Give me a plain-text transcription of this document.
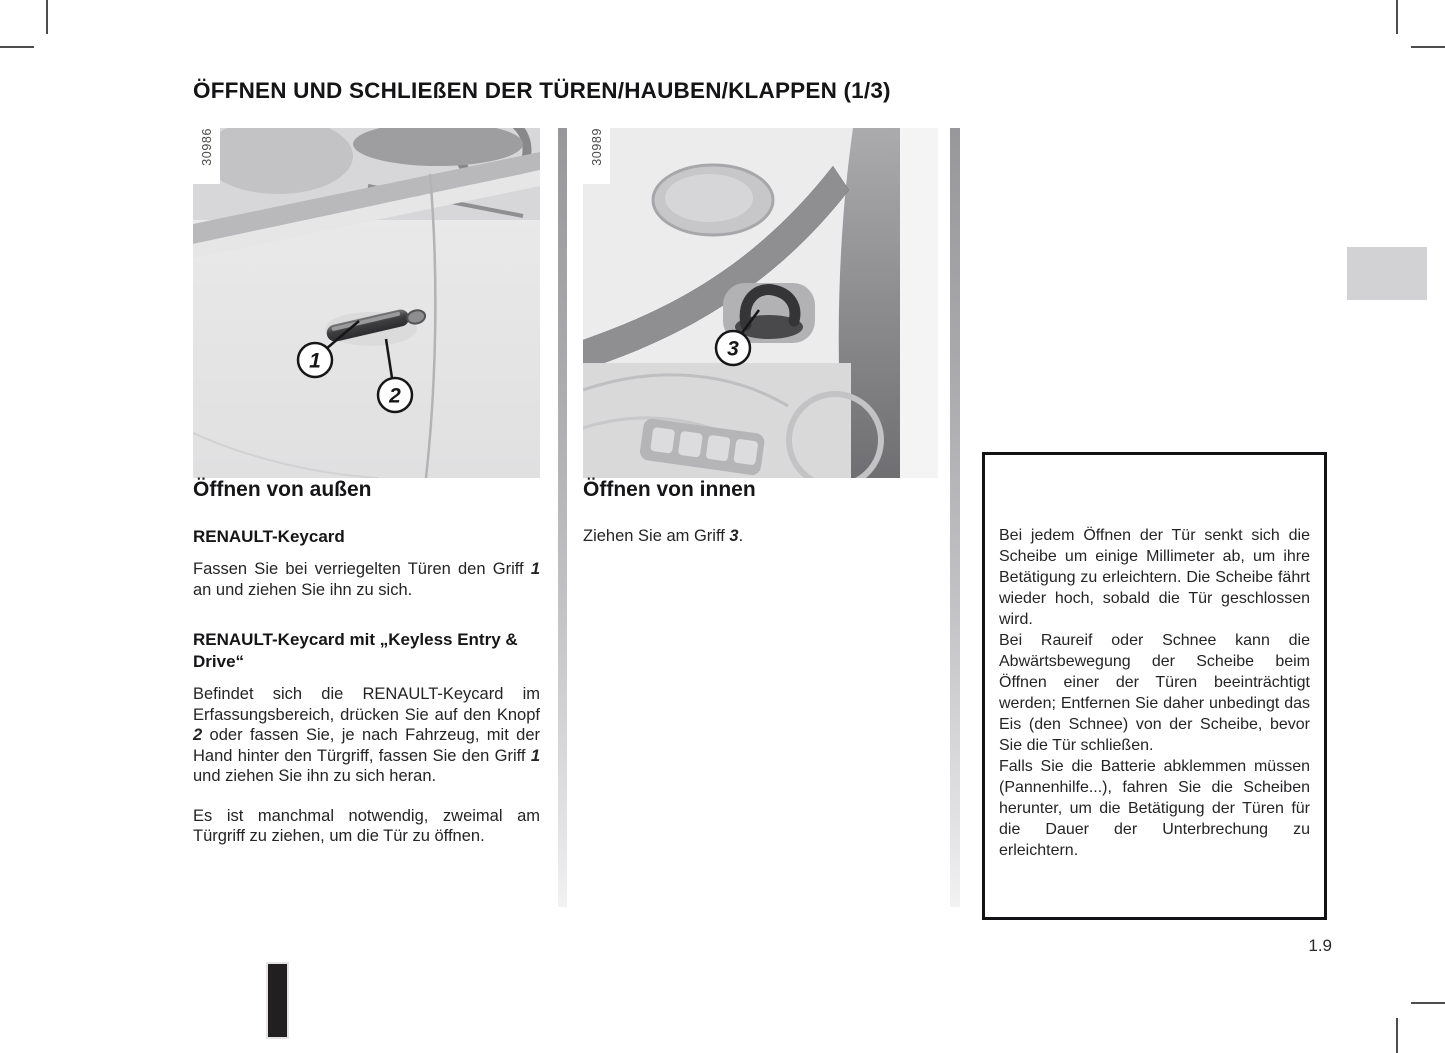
ÖFFNEN UND SCHLIEßEN DER TÜREN/HAUBEN/KLAPPEN (1/3)
1
2
30986
3
30989
Öffnen von außen
RENAULT-Keycard

Fassen Sie bei verriegelten Türen den Griff 1 an und ziehen Sie ihn zu sich.

RENAULT-Keycard mit „Keyless Entry & Drive“

Befindet sich die RENAULT-Keycard im Erfassungsbereich, drücken Sie auf den Knopf 2 oder fassen Sie, je nach Fahrzeug, mit der Hand hinter den Türgriff, fassen Sie den Griff 1 und ziehen Sie ihn zu sich heran.

Es ist manchmal notwendig, zweimal am Türgriff zu ziehen, um die Tür zu öffnen.

Öffnen von innen

Ziehen Sie am Griff 3.	Bei jedem Öffnen der Tür senkt sich die Scheibe um einige Millimeter ab, um ihre Betätigung zu erleichtern. Die Scheibe fährt wieder hoch, sobald die Tür geschlossen wird.

Bei Raureif oder Schnee kann die Abwärtsbewegung der Scheibe beim Öffnen einer der Türen beeinträchtigt werden; Entfernen Sie daher unbedingt das Eis (den Schnee) von der Scheibe, bevor Sie die Tür schließen.

Falls Sie die Batterie abklemmen müssen (Pannenhilfe...), fahren Sie die Scheiben herunter, um die Betätigung der Türen für die Dauer der Unterbrechung zu erleichtern.

1.9
